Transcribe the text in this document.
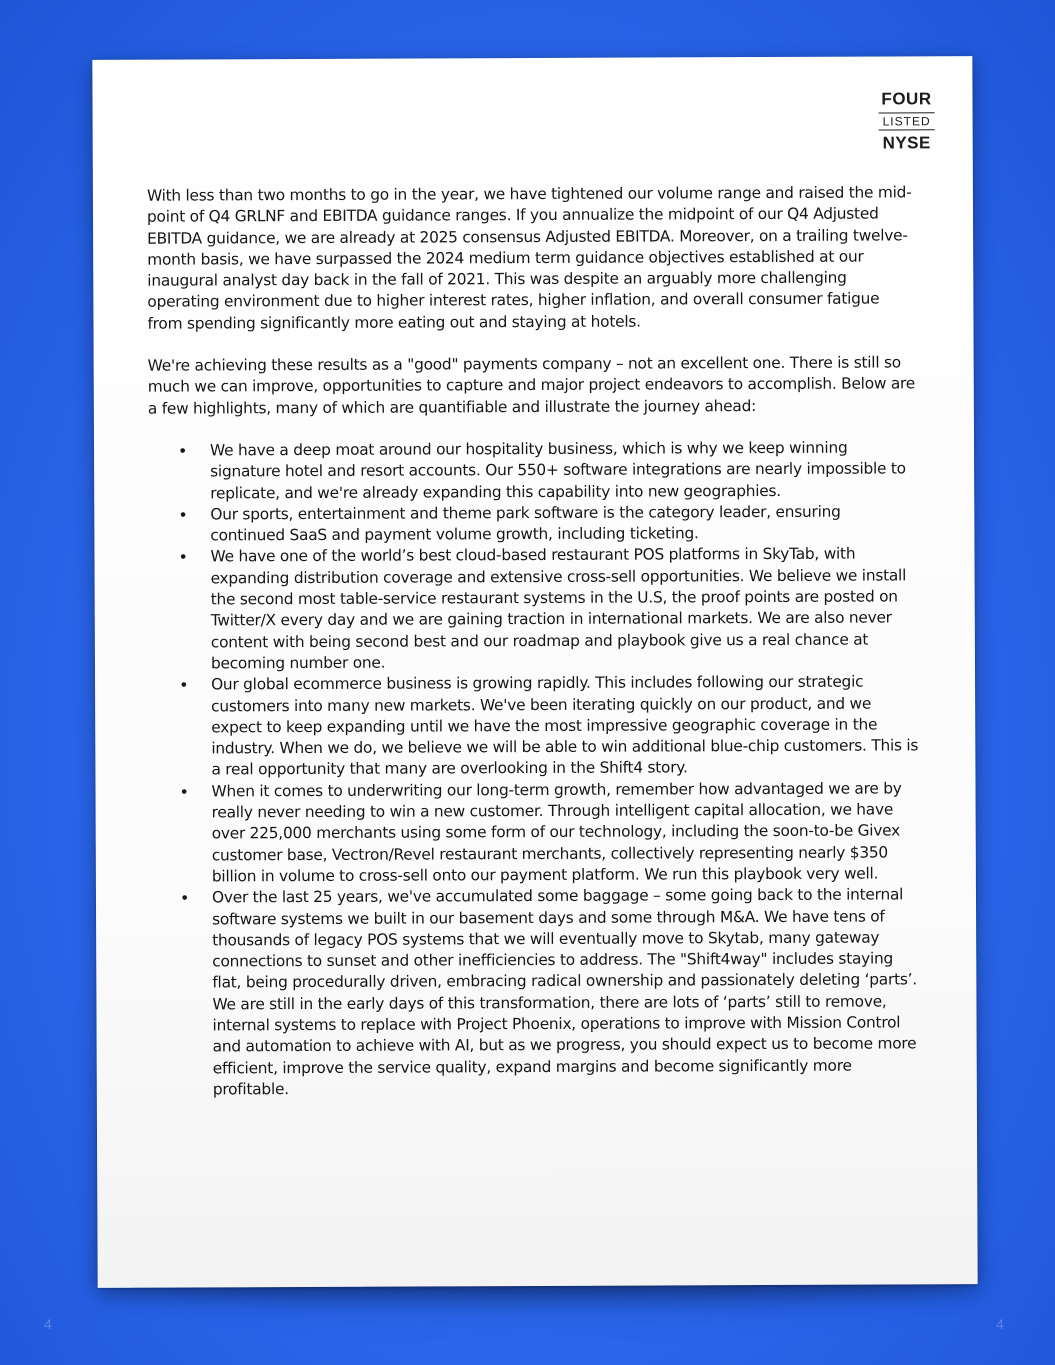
FOUR
LISTED
NYSE

With less than two months to go in the year, we have tightened our volume range and raised the mid-point of Q4 GRLNF and EBITDA guidance ranges. If you annualize the midpoint of our Q4 Adjusted EBITDA guidance, we are already at 2025 consensus Adjusted EBITDA. Moreover, on a trailing twelve-month basis, we have surpassed the 2024 medium term guidance objectives established at our inaugural analyst day back in the fall of 2021. This was despite an arguably more challenging operating environment due to higher interest rates, higher inflation, and overall consumer fatigue from spending significantly more eating out and staying at hotels.

We're achieving these results as a "good" payments company – not an excellent one. There is still so much we can improve, opportunities to capture and major project endeavors to accomplish. Below are a few highlights, many of which are quantifiable and illustrate the journey ahead:

• We have a deep moat around our hospitality business, which is why we keep winning signature hotel and resort accounts. Our 550+ software integrations are nearly impossible to replicate, and we're already expanding this capability into new geographies.
• Our sports, entertainment and theme park software is the category leader, ensuring continued SaaS and payment volume growth, including ticketing.
• We have one of the world’s best cloud-based restaurant POS platforms in SkyTab, with expanding distribution coverage and extensive cross-sell opportunities. We believe we install the second most table-service restaurant systems in the U.S, the proof points are posted on Twitter/X every day and we are gaining traction in international markets. We are also never content with being second best and our roadmap and playbook give us a real chance at becoming number one.
• Our global ecommerce business is growing rapidly. This includes following our strategic customers into many new markets. We've been iterating quickly on our product, and we expect to keep expanding until we have the most impressive geographic coverage in the industry. When we do, we believe we will be able to win additional blue-chip customers. This is a real opportunity that many are overlooking in the Shift4 story.
• When it comes to underwriting our long-term growth, remember how advantaged we are by really never needing to win a new customer. Through intelligent capital allocation, we have over 225,000 merchants using some form of our technology, including the soon-to-be Givex customer base, Vectron/Revel restaurant merchants, collectively representing nearly $350 billion in volume to cross-sell onto our payment platform. We run this playbook very well.
• Over the last 25 years, we've accumulated some baggage – some going back to the internal software systems we built in our basement days and some through M&A. We have tens of thousands of legacy POS systems that we will eventually move to Skytab, many gateway connections to sunset and other inefficiencies to address. The "Shift4way" includes staying flat, being procedurally driven, embracing radical ownership and passionately deleting ‘parts’. We are still in the early days of this transformation, there are lots of ‘parts’ still to remove, internal systems to replace with Project Phoenix, operations to improve with Mission Control and automation to achieve with AI, but as we progress, you should expect us to become more efficient, improve the service quality, expand margins and become significantly more profitable.
4	4
